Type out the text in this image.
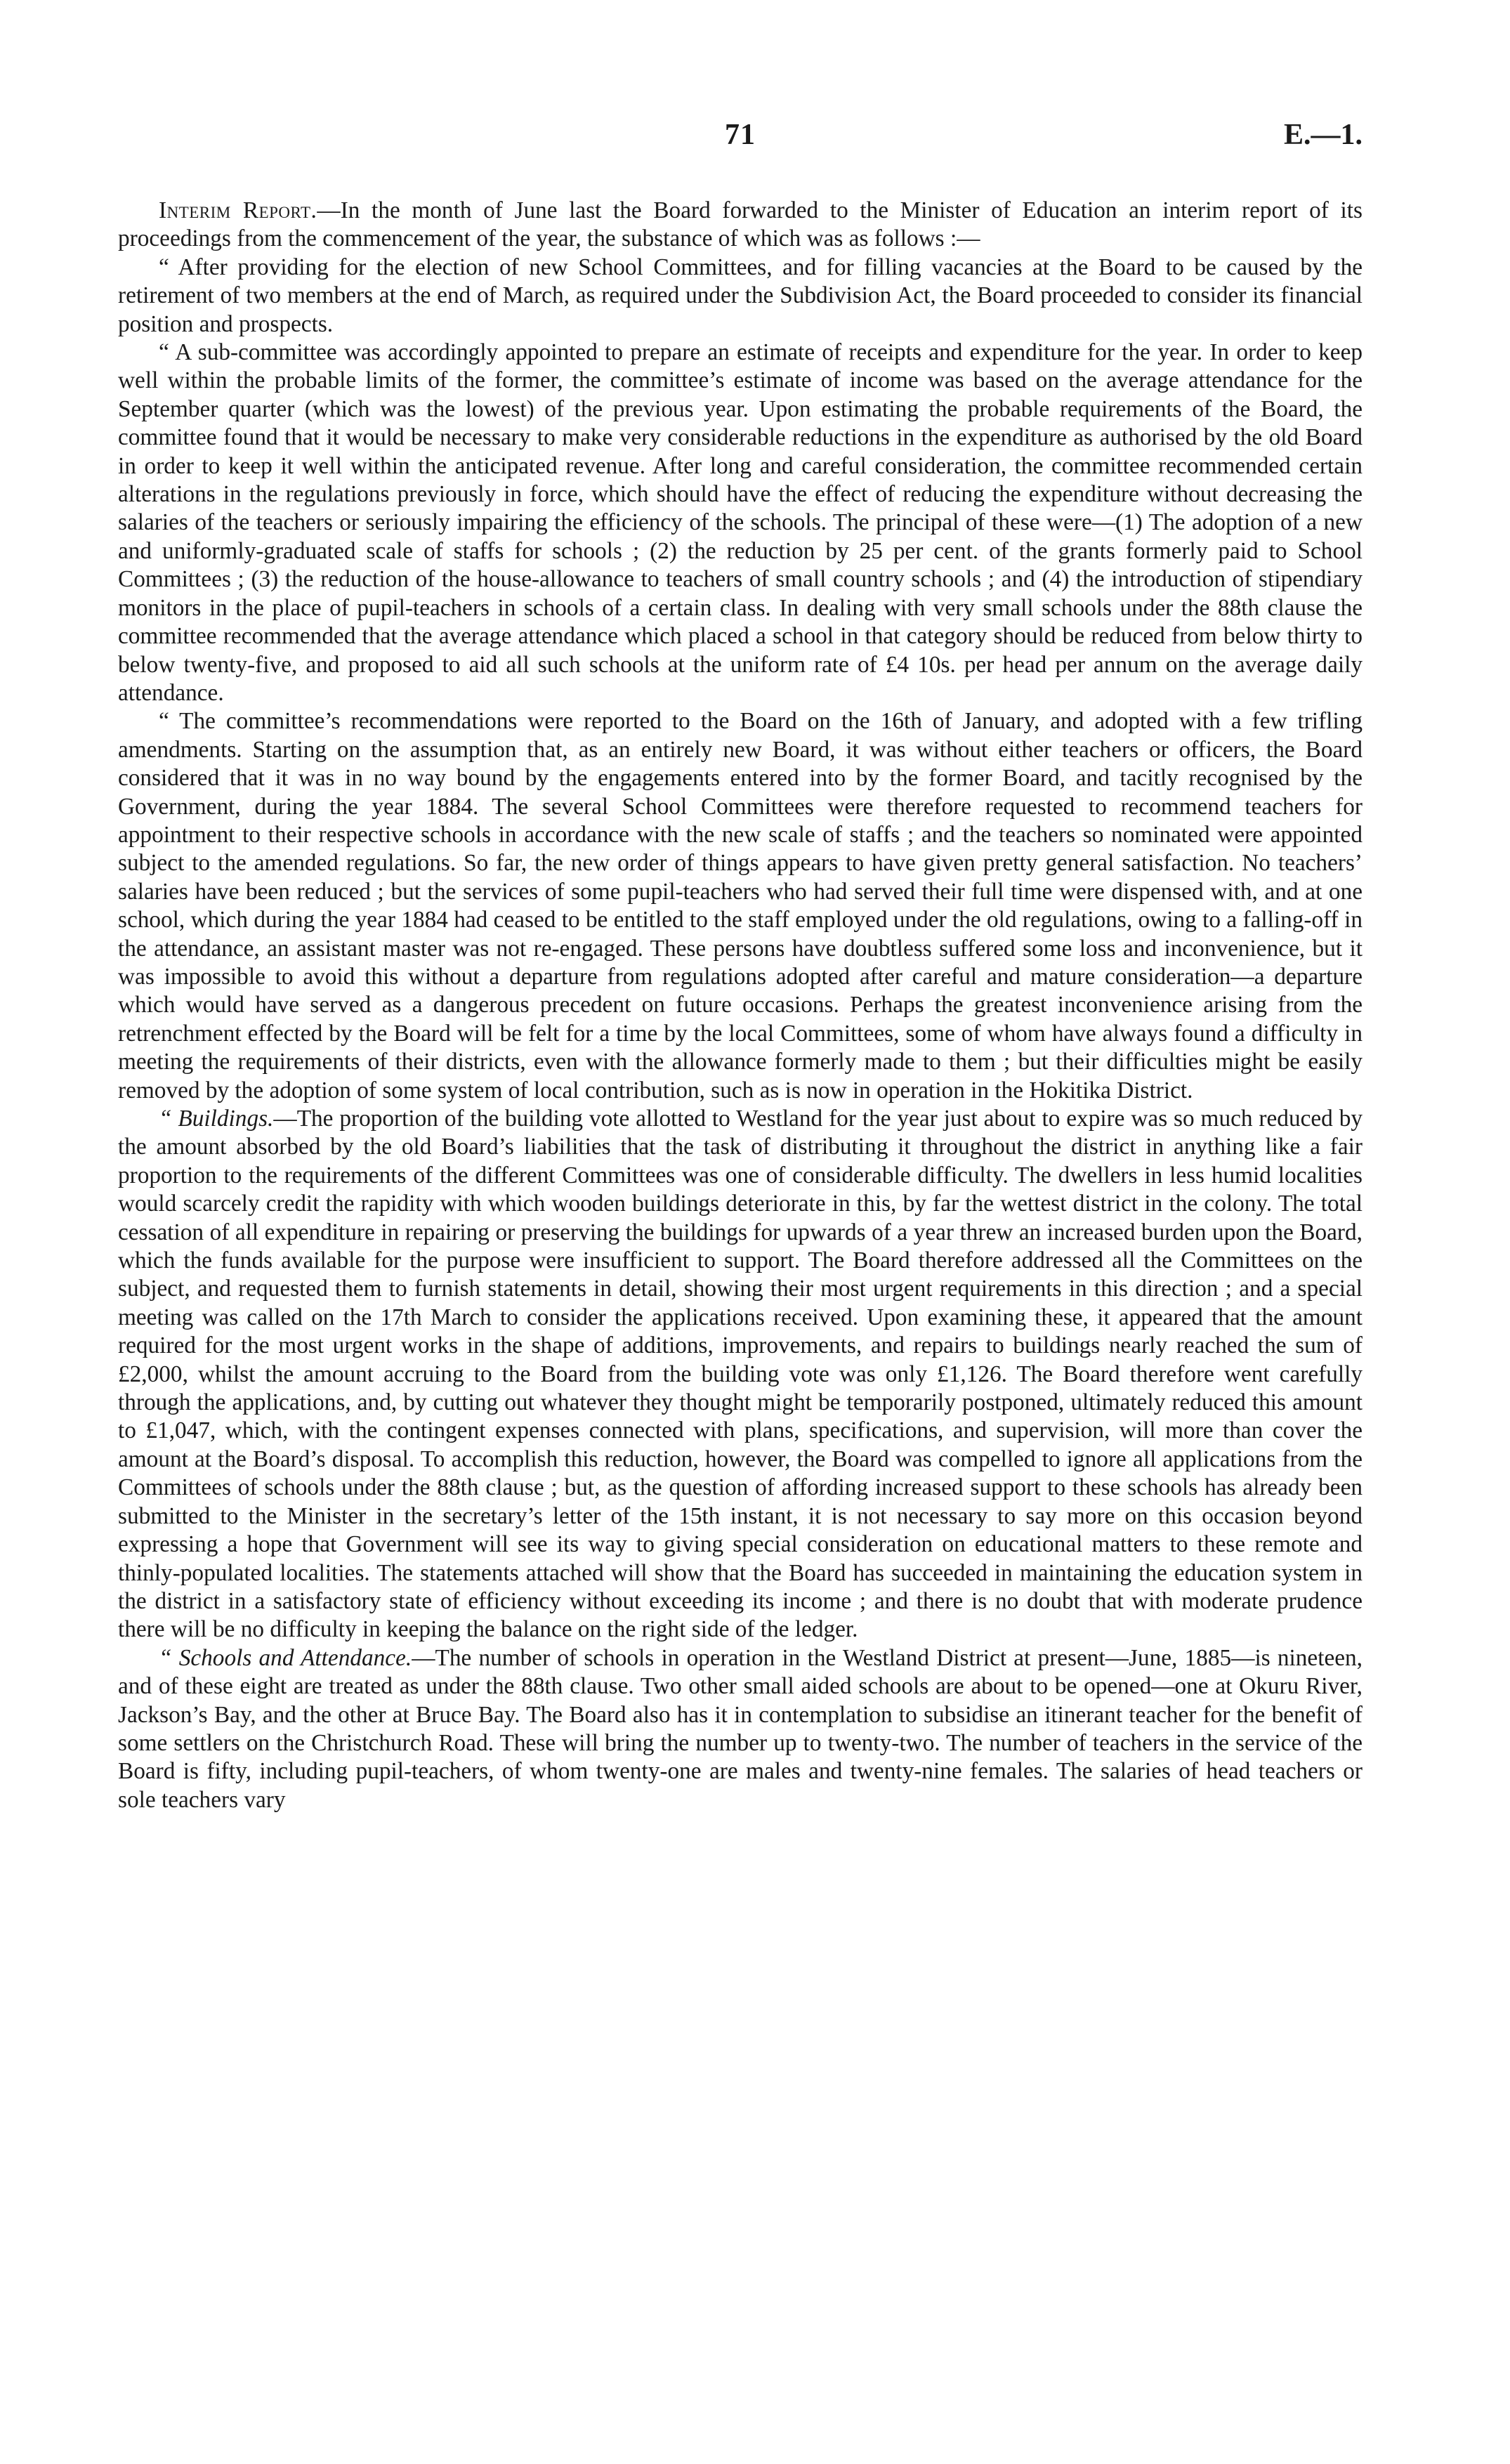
71	E.—1.

Interim Report.—In the month of June last the Board forwarded to the Minister of Education an interim report of its proceedings from the commencement of the year, the substance of which was as follows :—

“ After providing for the election of new School Committees, and for filling vacancies at the Board to be caused by the retirement of two members at the end of March, as required under the Subdivision Act, the Board proceeded to consider its financial position and prospects.

“ A sub-committee was accordingly appointed to prepare an estimate of receipts and expenditure for the year. In order to keep well within the probable limits of the former, the committee’s estimate of income was based on the average attendance for the September quarter (which was the lowest) of the previous year. Upon estimating the probable requirements of the Board, the committee found that it would be necessary to make very considerable reductions in the expenditure as authorised by the old Board in order to keep it well within the anticipated revenue. After long and careful consideration, the committee recommended certain alterations in the regulations previously in force, which should have the effect of reducing the expenditure without decreasing the salaries of the teachers or seriously impairing the efficiency of the schools. The principal of these were—(1) The adoption of a new and uniformly-graduated scale of staffs for schools ; (2) the reduction by 25 per cent. of the grants formerly paid to School Committees ; (3) the reduction of the house-allowance to teachers of small country schools ; and (4) the introduction of stipendiary monitors in the place of pupil-teachers in schools of a certain class. In dealing with very small schools under the 88th clause the committee recommended that the average attendance which placed a school in that category should be reduced from below thirty to below twenty-five, and proposed to aid all such schools at the uniform rate of £4 10s. per head per annum on the average daily attendance.

“ The committee’s recommendations were reported to the Board on the 16th of January, and adopted with a few trifling amendments. Starting on the assumption that, as an entirely new Board, it was without either teachers or officers, the Board considered that it was in no way bound by the engagements entered into by the former Board, and tacitly recognised by the Government, during the year 1884. The several School Committees were therefore requested to recommend teachers for appointment to their respective schools in accordance with the new scale of staffs ; and the teachers so nominated were appointed subject to the amended regulations. So far, the new order of things appears to have given pretty general satisfaction. No teachers’ salaries have been reduced ; but the services of some pupil-teachers who had served their full time were dispensed with, and at one school, which during the year 1884 had ceased to be entitled to the staff employed under the old regulations, owing to a falling-off in the attendance, an assistant master was not re-engaged. These persons have doubtless suffered some loss and inconvenience, but it was impossible to avoid this without a departure from regulations adopted after careful and mature consideration—a departure which would have served as a dangerous precedent on future occasions. Perhaps the greatest inconvenience arising from the retrenchment effected by the Board will be felt for a time by the local Committees, some of whom have always found a difficulty in meeting the requirements of their districts, even with the allowance formerly made to them ; but their difficulties might be easily removed by the adoption of some system of local contribution, such as is now in operation in the Hokitika District.

“ Buildings.—The proportion of the building vote allotted to Westland for the year just about to expire was so much reduced by the amount absorbed by the old Board’s liabilities that the task of distributing it throughout the district in anything like a fair proportion to the requirements of the different Committees was one of considerable difficulty. The dwellers in less humid localities would scarcely credit the rapidity with which wooden buildings deteriorate in this, by far the wettest district in the colony. The total cessation of all expenditure in repairing or preserving the buildings for upwards of a year threw an increased burden upon the Board, which the funds available for the purpose were insufficient to support. The Board therefore addressed all the Committees on the subject, and requested them to furnish statements in detail, showing their most urgent requirements in this direction ; and a special meeting was called on the 17th March to consider the applications received. Upon examining these, it appeared that the amount required for the most urgent works in the shape of additions, improvements, and repairs to buildings nearly reached the sum of £2,000, whilst the amount accruing to the Board from the building vote was only £1,126. The Board therefore went carefully through the applications, and, by cutting out whatever they thought might be temporarily postponed, ultimately reduced this amount to £1,047, which, with the contingent expenses connected with plans, specifications, and supervision, will more than cover the amount at the Board’s disposal. To accomplish this reduction, however, the Board was compelled to ignore all applications from the Committees of schools under the 88th clause ; but, as the question of affording increased support to these schools has already been submitted to the Minister in the secretary’s letter of the 15th instant, it is not necessary to say more on this occasion beyond expressing a hope that Government will see its way to giving special consideration on educational matters to these remote and thinly-populated localities. The statements attached will show that the Board has succeeded in maintaining the education system in the district in a satisfactory state of efficiency without exceeding its income ; and there is no doubt that with moderate prudence there will be no difficulty in keeping the balance on the right side of the ledger.

“ Schools and Attendance.—The number of schools in operation in the Westland District at present—June, 1885—is nineteen, and of these eight are treated as under the 88th clause. Two other small aided schools are about to be opened—one at Okuru River, Jackson’s Bay, and the other at Bruce Bay. The Board also has it in contemplation to subsidise an itinerant teacher for the benefit of some settlers on the Christchurch Road. These will bring the number up to twenty-two. The number of teachers in the service of the Board is fifty, including pupil-teachers, of whom twenty-one are males and twenty-nine females. The salaries of head teachers or sole teachers vary
